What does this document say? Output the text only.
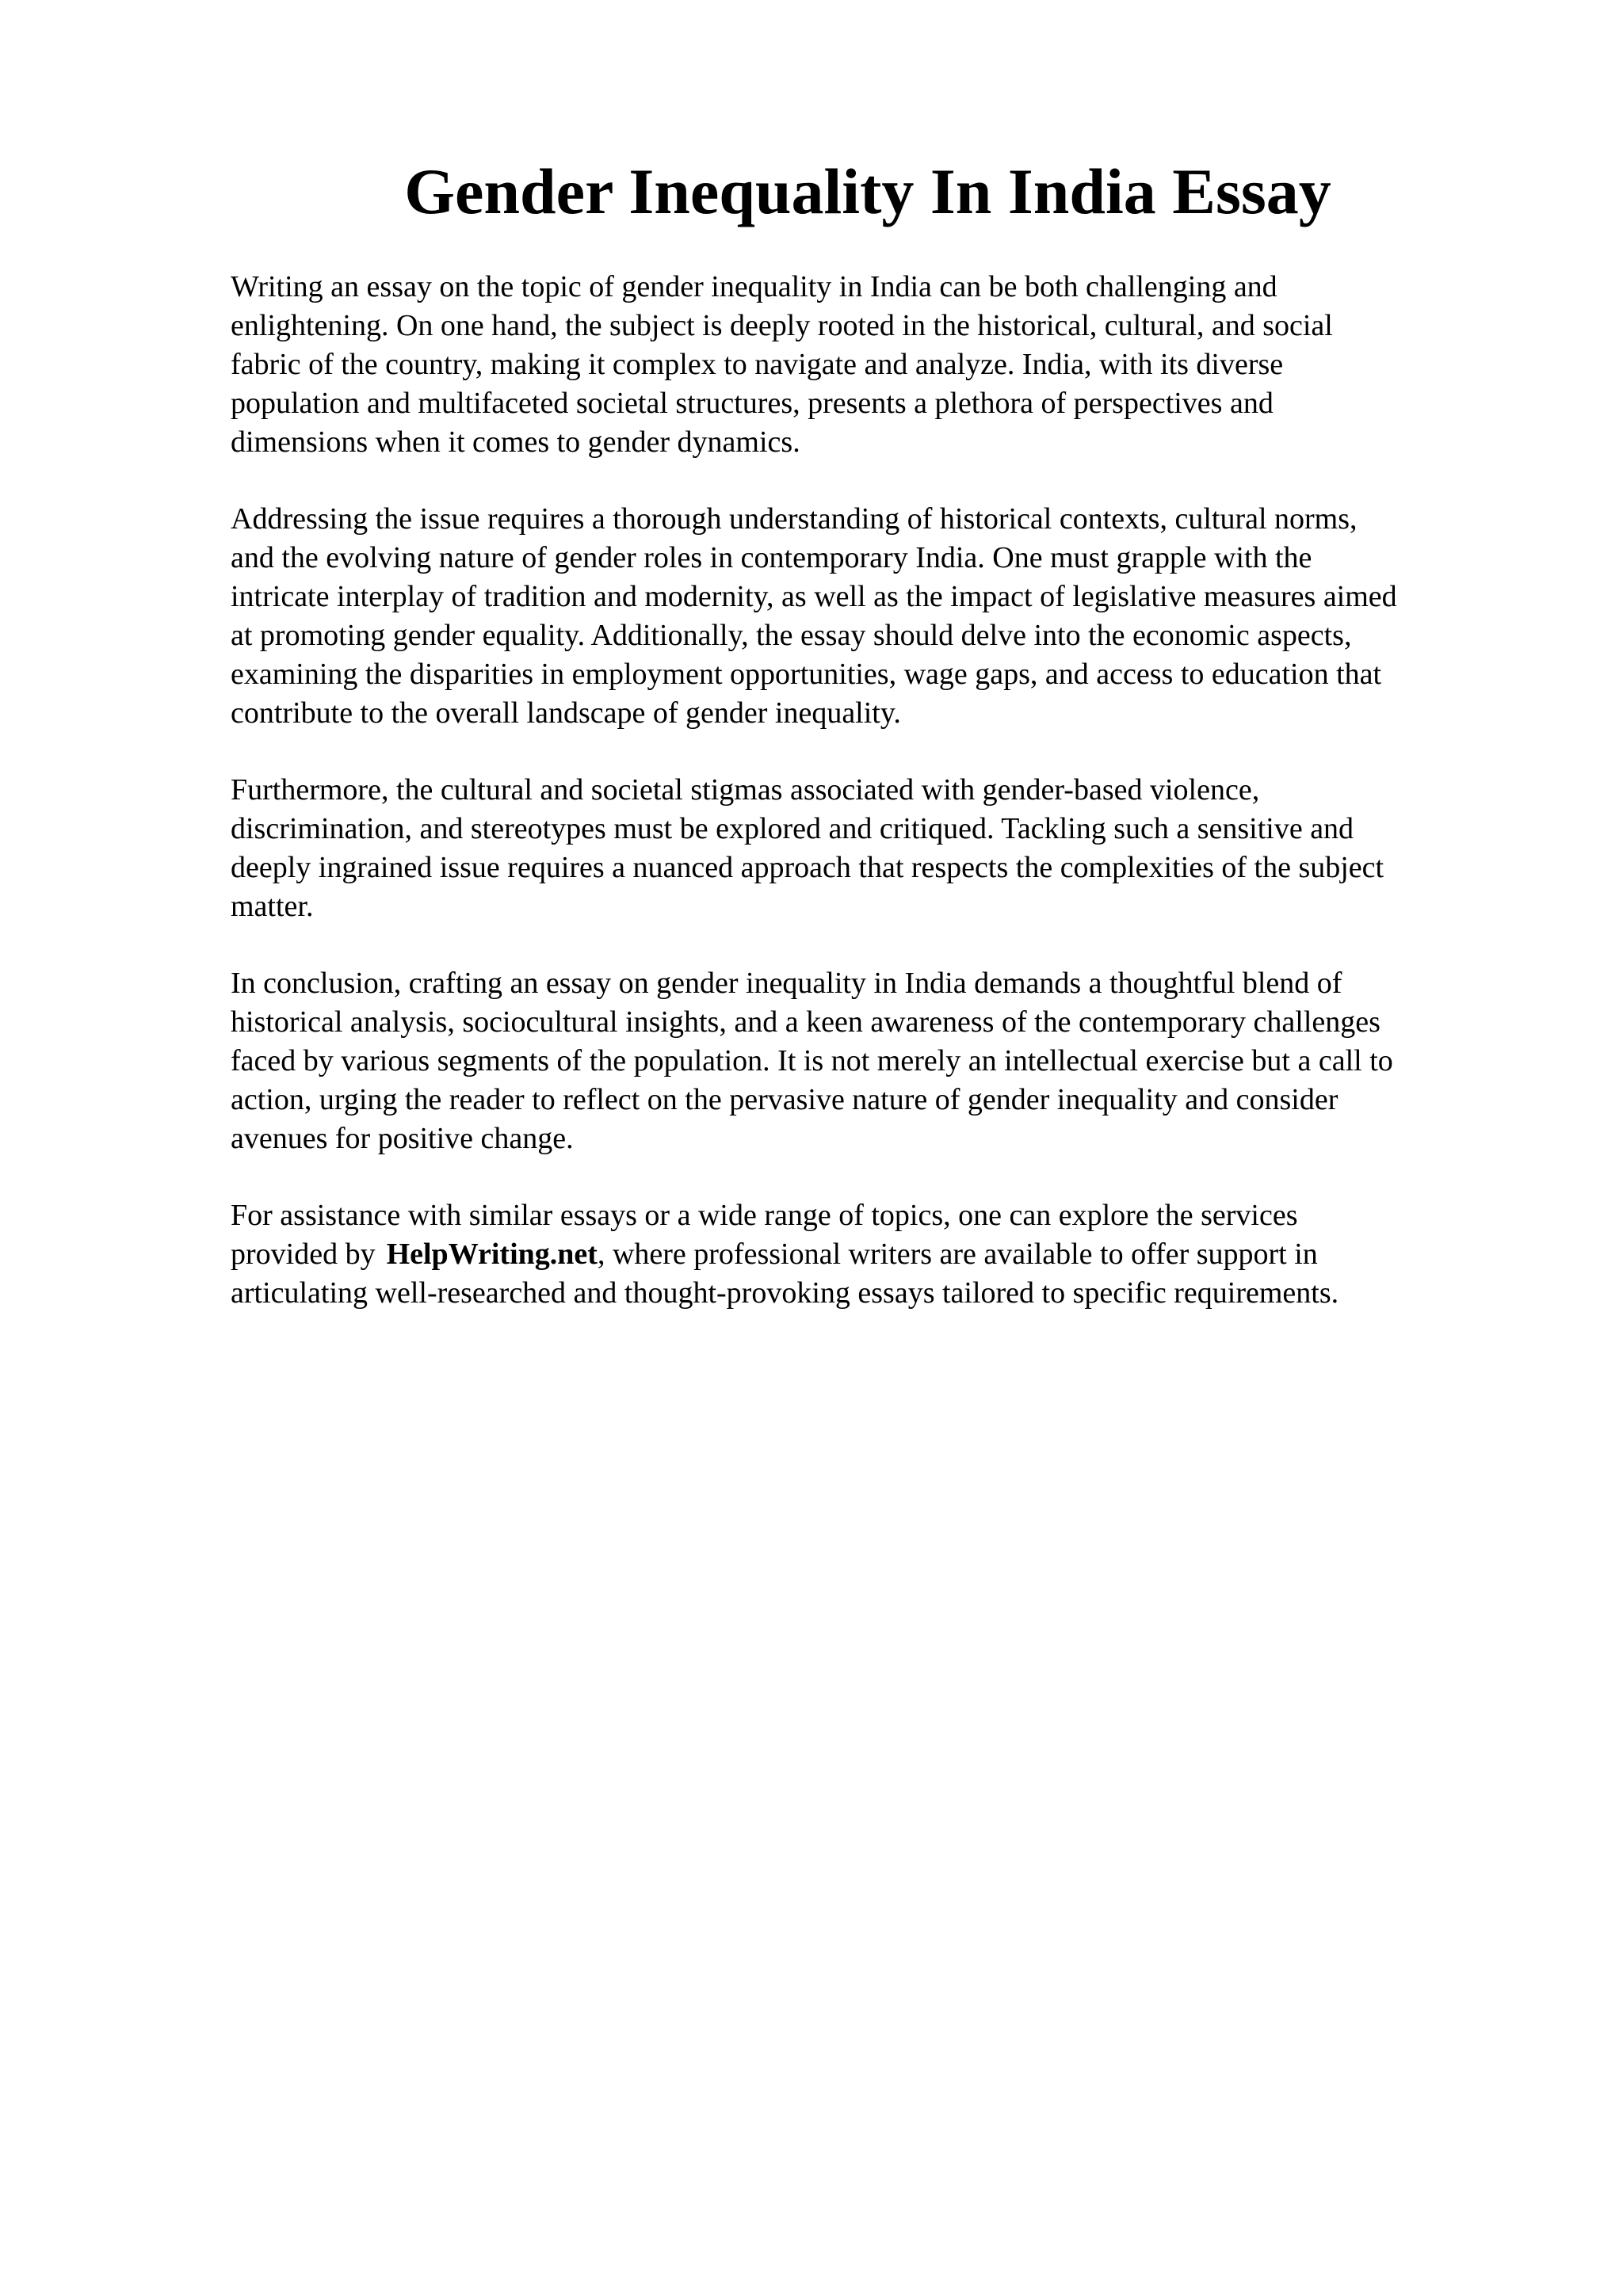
Gender Inequality In India Essay

Writing an essay on the topic of gender inequality in India can be both challenging and
enlightening. On one hand, the subject is deeply rooted in the historical, cultural, and social
fabric of the country, making it complex to navigate and analyze. India, with its diverse
population and multifaceted societal structures, presents a plethora of perspectives and
dimensions when it comes to gender dynamics.

Addressing the issue requires a thorough understanding of historical contexts, cultural norms,
and the evolving nature of gender roles in contemporary India. One must grapple with the
intricate interplay of tradition and modernity, as well as the impact of legislative measures aimed
at promoting gender equality. Additionally, the essay should delve into the economic aspects,
examining the disparities in employment opportunities, wage gaps, and access to education that
contribute to the overall landscape of gender inequality.

Furthermore, the cultural and societal stigmas associated with gender-based violence,
discrimination, and stereotypes must be explored and critiqued. Tackling such a sensitive and
deeply ingrained issue requires a nuanced approach that respects the complexities of the subject
matter.

In conclusion, crafting an essay on gender inequality in India demands a thoughtful blend of
historical analysis, sociocultural insights, and a keen awareness of the contemporary challenges
faced by various segments of the population. It is not merely an intellectual exercise but a call to
action, urging the reader to reflect on the pervasive nature of gender inequality and consider
avenues for positive change.

For assistance with similar essays or a wide range of topics, one can explore the services
provided by HelpWriting.net, where professional writers are available to offer support in
articulating well-researched and thought-provoking essays tailored to specific requirements.
